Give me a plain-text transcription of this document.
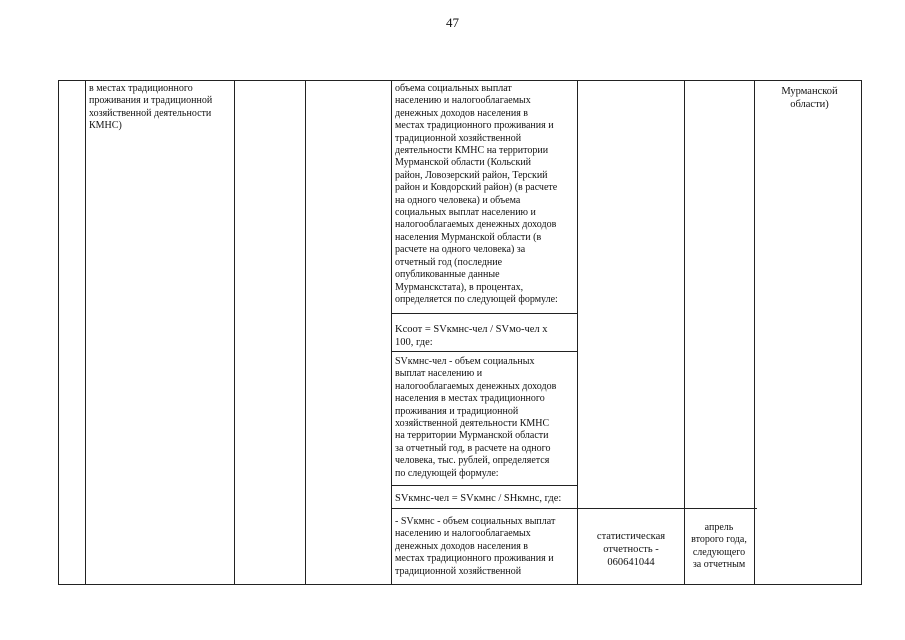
47
в местах традиционного
проживания и традиционной
хозяйственной деятельности
КМНС)
объема социальных выплат
населению и налогооблагаемых
денежных доходов населения в
местах традиционного проживания и
традиционной хозяйственной
деятельности КМНС на территории
Мурманской области (Кольский
район, Ловозерский район, Терский
район и Ковдорский район) (в расчете
на одного человека) и объема
социальных выплат населению и
налогооблагаемых денежных доходов
населения Мурманской области (в
расчете на одного человека) за
отчетный год (последние
опубликованные данные
Мурманскстата), в процентах,
определяется по следующей формуле:
Kсоот = SVкмнс-чел / SVмо-чел x
100, где:
SVкмнс-чел - объем социальных
выплат населению и
налогооблагаемых денежных доходов
населения в местах традиционного
проживания и традиционной
хозяйственной деятельности КМНС
на территории Мурманской области
за отчетный год, в расчете на одного
человека, тыс. рублей, определяется
по следующей формуле:
SVкмнс-чел = SVкмнс / SHкмнс, где:
- SVкмнс - объем социальных выплат
населению и налогооблагаемых
денежных доходов населения в
местах традиционного проживания и
традиционной хозяйственной
статистическая
отчетность -
060641044
апрель
второго года,
следующего
за отчетным
Мурманской
области)
